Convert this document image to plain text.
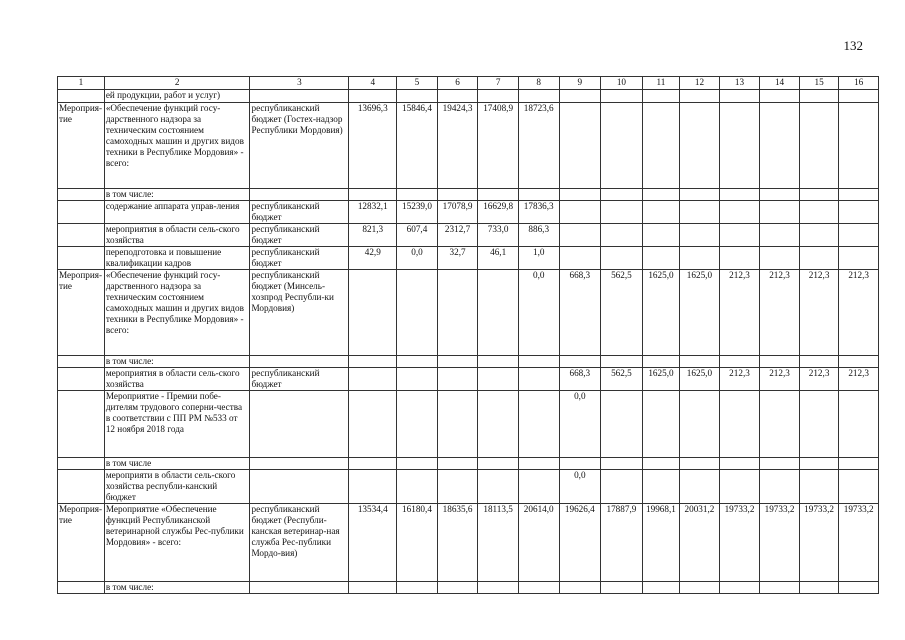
132
1	2	3	4	5	6	7	8	9	10	11	12	13	14	15	16
	ей продукции, работ и услуг)														
Мероприя-тие	«Обеспечение функций госу-дарственного надзора за техническим состоянием самоходных машин и других видов техники в Республике Мордовия» - всего:	республиканский бюджет (Гостех-надзор Республики Мордовия)	13696,3	15846,4	19424,3	17408,9	18723,6								
	в том числе:														
	содержание аппарата управ-ления	республиканский бюджет	12832,1	15239,0	17078,9	16629,8	17836,3								
	мероприятия в области сель-ского хозяйства	республиканский бюджет	821,3	607,4	2312,7	733,0	886,3								
	переподготовка и повышение квалификации кадров	республиканский бюджет	42,9	0,0	32,7	46,1	1,0								
Мероприя-тие	«Обеспечение функций госу-дарственного надзора за техническим состоянием самоходных машин и других видов техники в Республике Мордовия» - всего:	республиканский бюджет (Минсель-хозпрод Республи-ки Мордовия)					0,0	668,3	562,5	1625,0	1625,0	212,3	212,3	212,3	212,3
	в том числе:														
	мероприятия в области сель-ского хозяйства	республиканский бюджет						668,3	562,5	1625,0	1625,0	212,3	212,3	212,3	212,3
	Мероприятие - Премии побе-дителям трудового соперни-чества в соответствии с ПП РМ №533 от 12 ноября 2018 года							0,0							
	в том числе														
	мероприяти в области сель-ского хозяйства республи-канский бюджет							0,0							
Мероприя-тие	Мероприятие «Обеспечение функций Республиканской ветеринарной службы Рес-публики Мордовия» - всего:	республиканский бюджет (Республи-канская ветеринар-ная служба Рес-публики Мордо-вия)	13534,4	16180,4	18635,6	18113,5	20614,0	19626,4	17887,9	19968,1	20031,2	19733,2	19733,2	19733,2	19733,2
	в том числе:														
